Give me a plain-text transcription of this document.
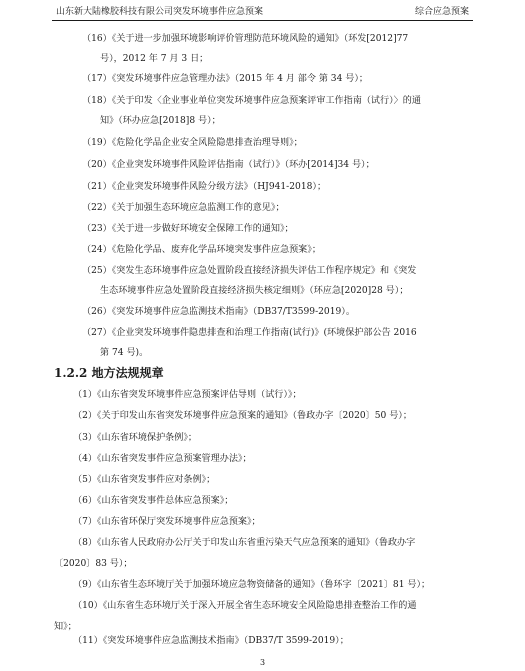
山东新大陆橡胶科技有限公司突发环境事件应急预案	综合应急预案
（16）《关于进一步加强环境影响评价管理防范环境风险的通知》（环发[2012]77
号），2012 年 7 月 3 日；
（17）《突发环境事件应急管理办法》（2015 年 4 月 部令 第 34 号）；
（18）《关于印发〈企业事业单位突发环境事件应急预案评审工作指南（试行）〉的通
知》（环办应急[2018]8 号）；
（19）《危险化学品企业安全风险隐患排查治理导则》；
（20）《企业突发环境事件风险评估指南（试行）》（环办[2014]34 号）；
（21）《企业突发环境事件风险分级方法》（HJ941-2018）；
（22）《关于加强生态环境应急监测工作的意见》；
（23）《关于进一步做好环境安全保障工作的通知》；
（24）《危险化学品、废弃化学品环境突发事件应急预案》；
（25）《突发生态环境事件应急处置阶段直接经济损失评估工作程序规定》和《突发
生态环境事件应急处置阶段直接经济损失核定细则》（环应急[2020]28 号）；
（26）《突发环境事件应急监测技术指南》（DB37/T3599-2019）。
（27）《企业突发环境事件隐患排查和治理工作指南(试行)》(环境保护部公告 2016
第 74 号)。
1.2.2 地方法规规章
（1）《山东省突发环境事件应急预案评估导则（试行）》；
（2）《关于印发山东省突发环境事件应急预案的通知》（鲁政办字〔2020〕50 号）；
（3）《山东省环境保护条例》；
（4）《山东省突发事件应急预案管理办法》；
（5）《山东省突发事件应对条例》；
（6）《山东省突发事件总体应急预案》；
（7）《山东省环保厅突发环境事件应急预案》；
（8）《山东省人民政府办公厅关于印发山东省重污染天气应急预案的通知》（鲁政办字
〔2020〕83 号）；
（9）《山东省生态环境厅关于加强环境应急物资储备的通知》（鲁环字〔2021〕81 号）；
（10）《山东省生态环境厅关于深入开展全省生态环境安全风险隐患排查整治工作的通
知》；
（11）《突发环境事件应急监测技术指南》（DB37/T 3599-2019）；
3
